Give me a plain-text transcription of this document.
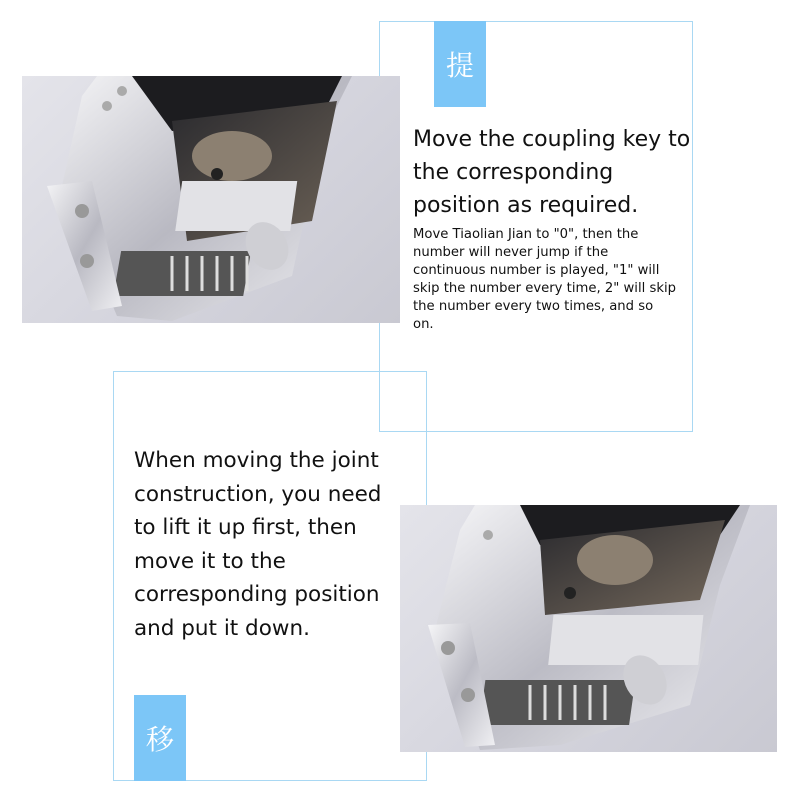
提
Move the coupling key to
the corresponding
position as required.
Move Tiaolian Jian to "0", then the
number will never jump if the
continuous number is played, "1" will
skip the number every time, 2" will skip
the number every two times, and so
on.
移
When moving the joint
construction, you need
to lift it up first, then
move it to the
corresponding position
and put it down.
